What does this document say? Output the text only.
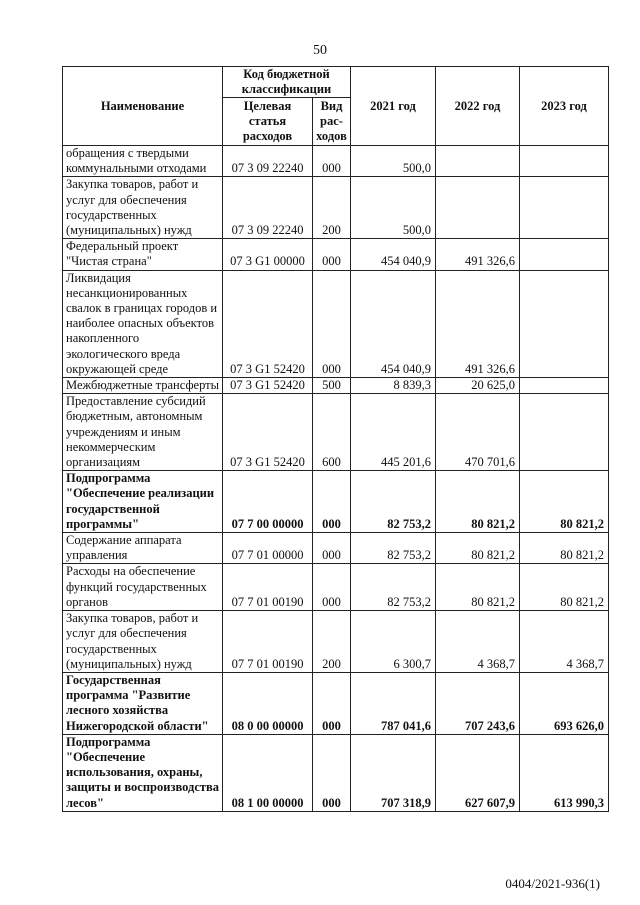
50
Наименование	Код бюджетной классификации		2021 год	2022 год	2023 год
	Целевая статья расходов	Вид рас-ходов			
обращения с твердыми коммунальными отходами	07 3 09 22240	000	500,0		
Закупка товаров, работ и услуг для обеспечения государственных (муниципальных) нужд	07 3 09 22240	200	500,0		
Федеральный проект "Чистая страна"	07 3 G1 00000	000	454 040,9	491 326,6	
Ликвидация несанкционированных свалок в границах городов и наиболее опасных объектов накопленного экологического вреда окружающей среде	07 3 G1 52420	000	454 040,9	491 326,6	
Межбюджетные трансферты	07 3 G1 52420	500	8 839,3	20 625,0	
Предоставление субсидий бюджетным, автономным учреждениям и иным некоммерческим организациям	07 3 G1 52420	600	445 201,6	470 701,6	
Подпрограмма "Обеспечение реализации государственной программы"	07 7 00 00000	000	82 753,2	80 821,2	80 821,2
Содержание аппарата управления	07 7 01 00000	000	82 753,2	80 821,2	80 821,2
Расходы на обеспечение функций государственных органов	07 7 01 00190	000	82 753,2	80 821,2	80 821,2
Закупка товаров, работ и услуг для обеспечения государственных (муниципальных) нужд	07 7 01 00190	200	6 300,7	4 368,7	4 368,7
Государственная программа "Развитие лесного хозяйства Нижегородской области"	08 0 00 00000	000	787 041,6	707 243,6	693 626,0
Подпрограмма "Обеспечение использования, охраны, защиты и воспроизводства лесов"	08 1 00 00000	000	707 318,9	627 607,9	613 990,3
0404/2021-936(1)
